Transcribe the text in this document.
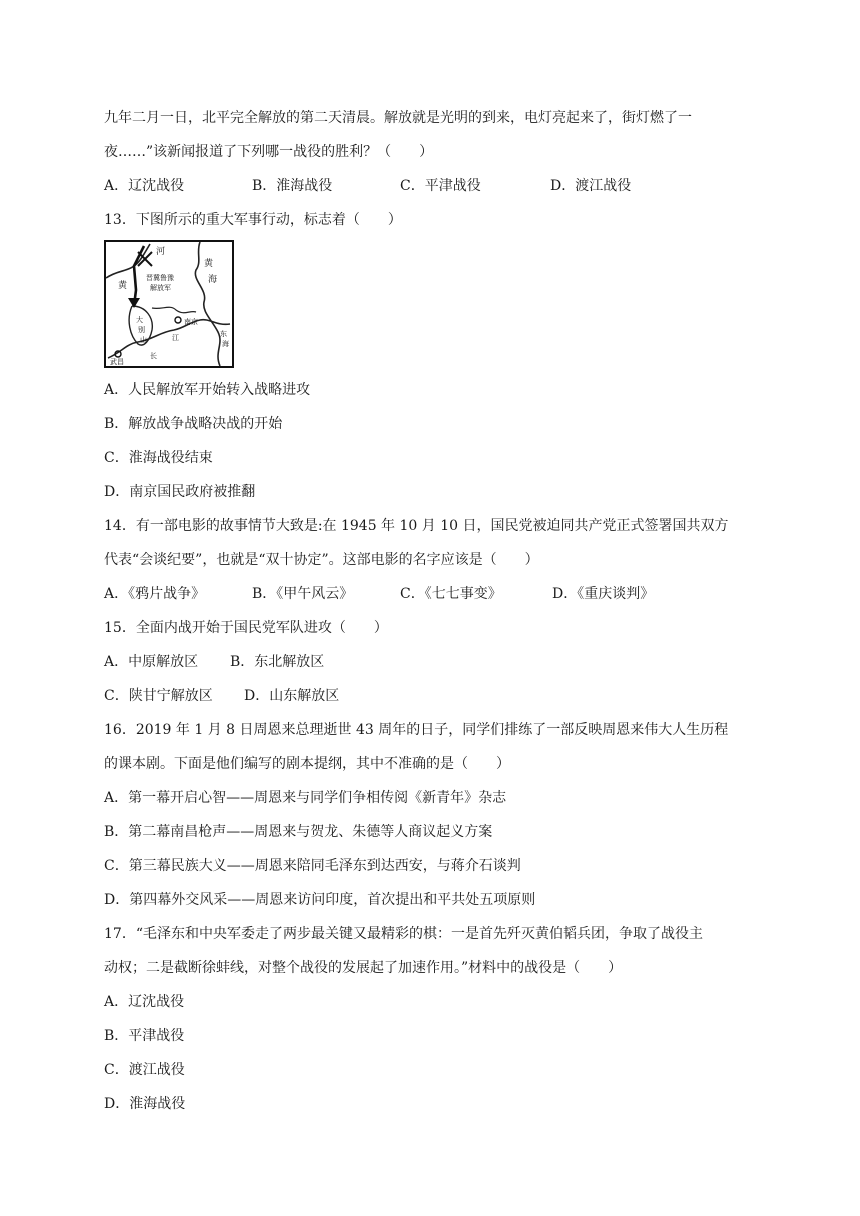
九年二月一日，北平完全解放的第二天清晨。解放就是光明的到来，电灯亮起来了，街灯燃了一
夜……”该新闻报道了下列哪一战役的胜利？（　　）

A．辽沈战役

	B．淮海战役

	C．平津战役

	D．渡江战役

13．下图所示的重大军事行动，标志着（　　）
河
黄
海
黄
晋冀鲁豫
解放军
大
别
山
南京
江
长
东
海
武昌
A．人民解放军开始转入战略进攻
B．解放战争战略决战的开始
C．淮海战役结束
D．南京国民政府被推翻
14．有一部电影的故事情节大致是:在 1945 年 10 月 10 日，国民党被迫同共产党正式签署国共双方
代表“会谈纪要”，也就是“双十协定”。这部电影的名字应该是（　　）

A．《鸦片战争》

	B．《甲午风云》

	C．《七七事变》

	D．《重庆谈判》

15．全面内战开始于国民党军队进攻（　　）

A．中原解放区

B．东北解放区

C．陕甘宁解放区

D．山东解放区

16．2019 年 1 月 8 日周恩来总理逝世 43 周年的日子，同学们排练了一部反映周恩来伟大人生历程
的课本剧。下面是他们编写的剧本提纲，其中不准确的是（　　）
A．第一幕开启心智——周恩来与同学们争相传阅《新青年》杂志
B．第二幕南昌枪声——周恩来与贺龙、朱德等人商议起义方案
C．第三幕民族大义——周恩来陪同毛泽东到达西安，与蒋介石谈判
D．第四幕外交风采——周恩来访问印度，首次提出和平共处五项原则
17．“毛泽东和中央军委走了两步最关键又最精彩的棋：一是首先歼灭黄伯韬兵团，争取了战役主
动权；二是截断徐蚌线，对整个战役的发展起了加速作用。”材料中的战役是（　　）
A．辽沈战役
B．平津战役
C．渡江战役
D．淮海战役
